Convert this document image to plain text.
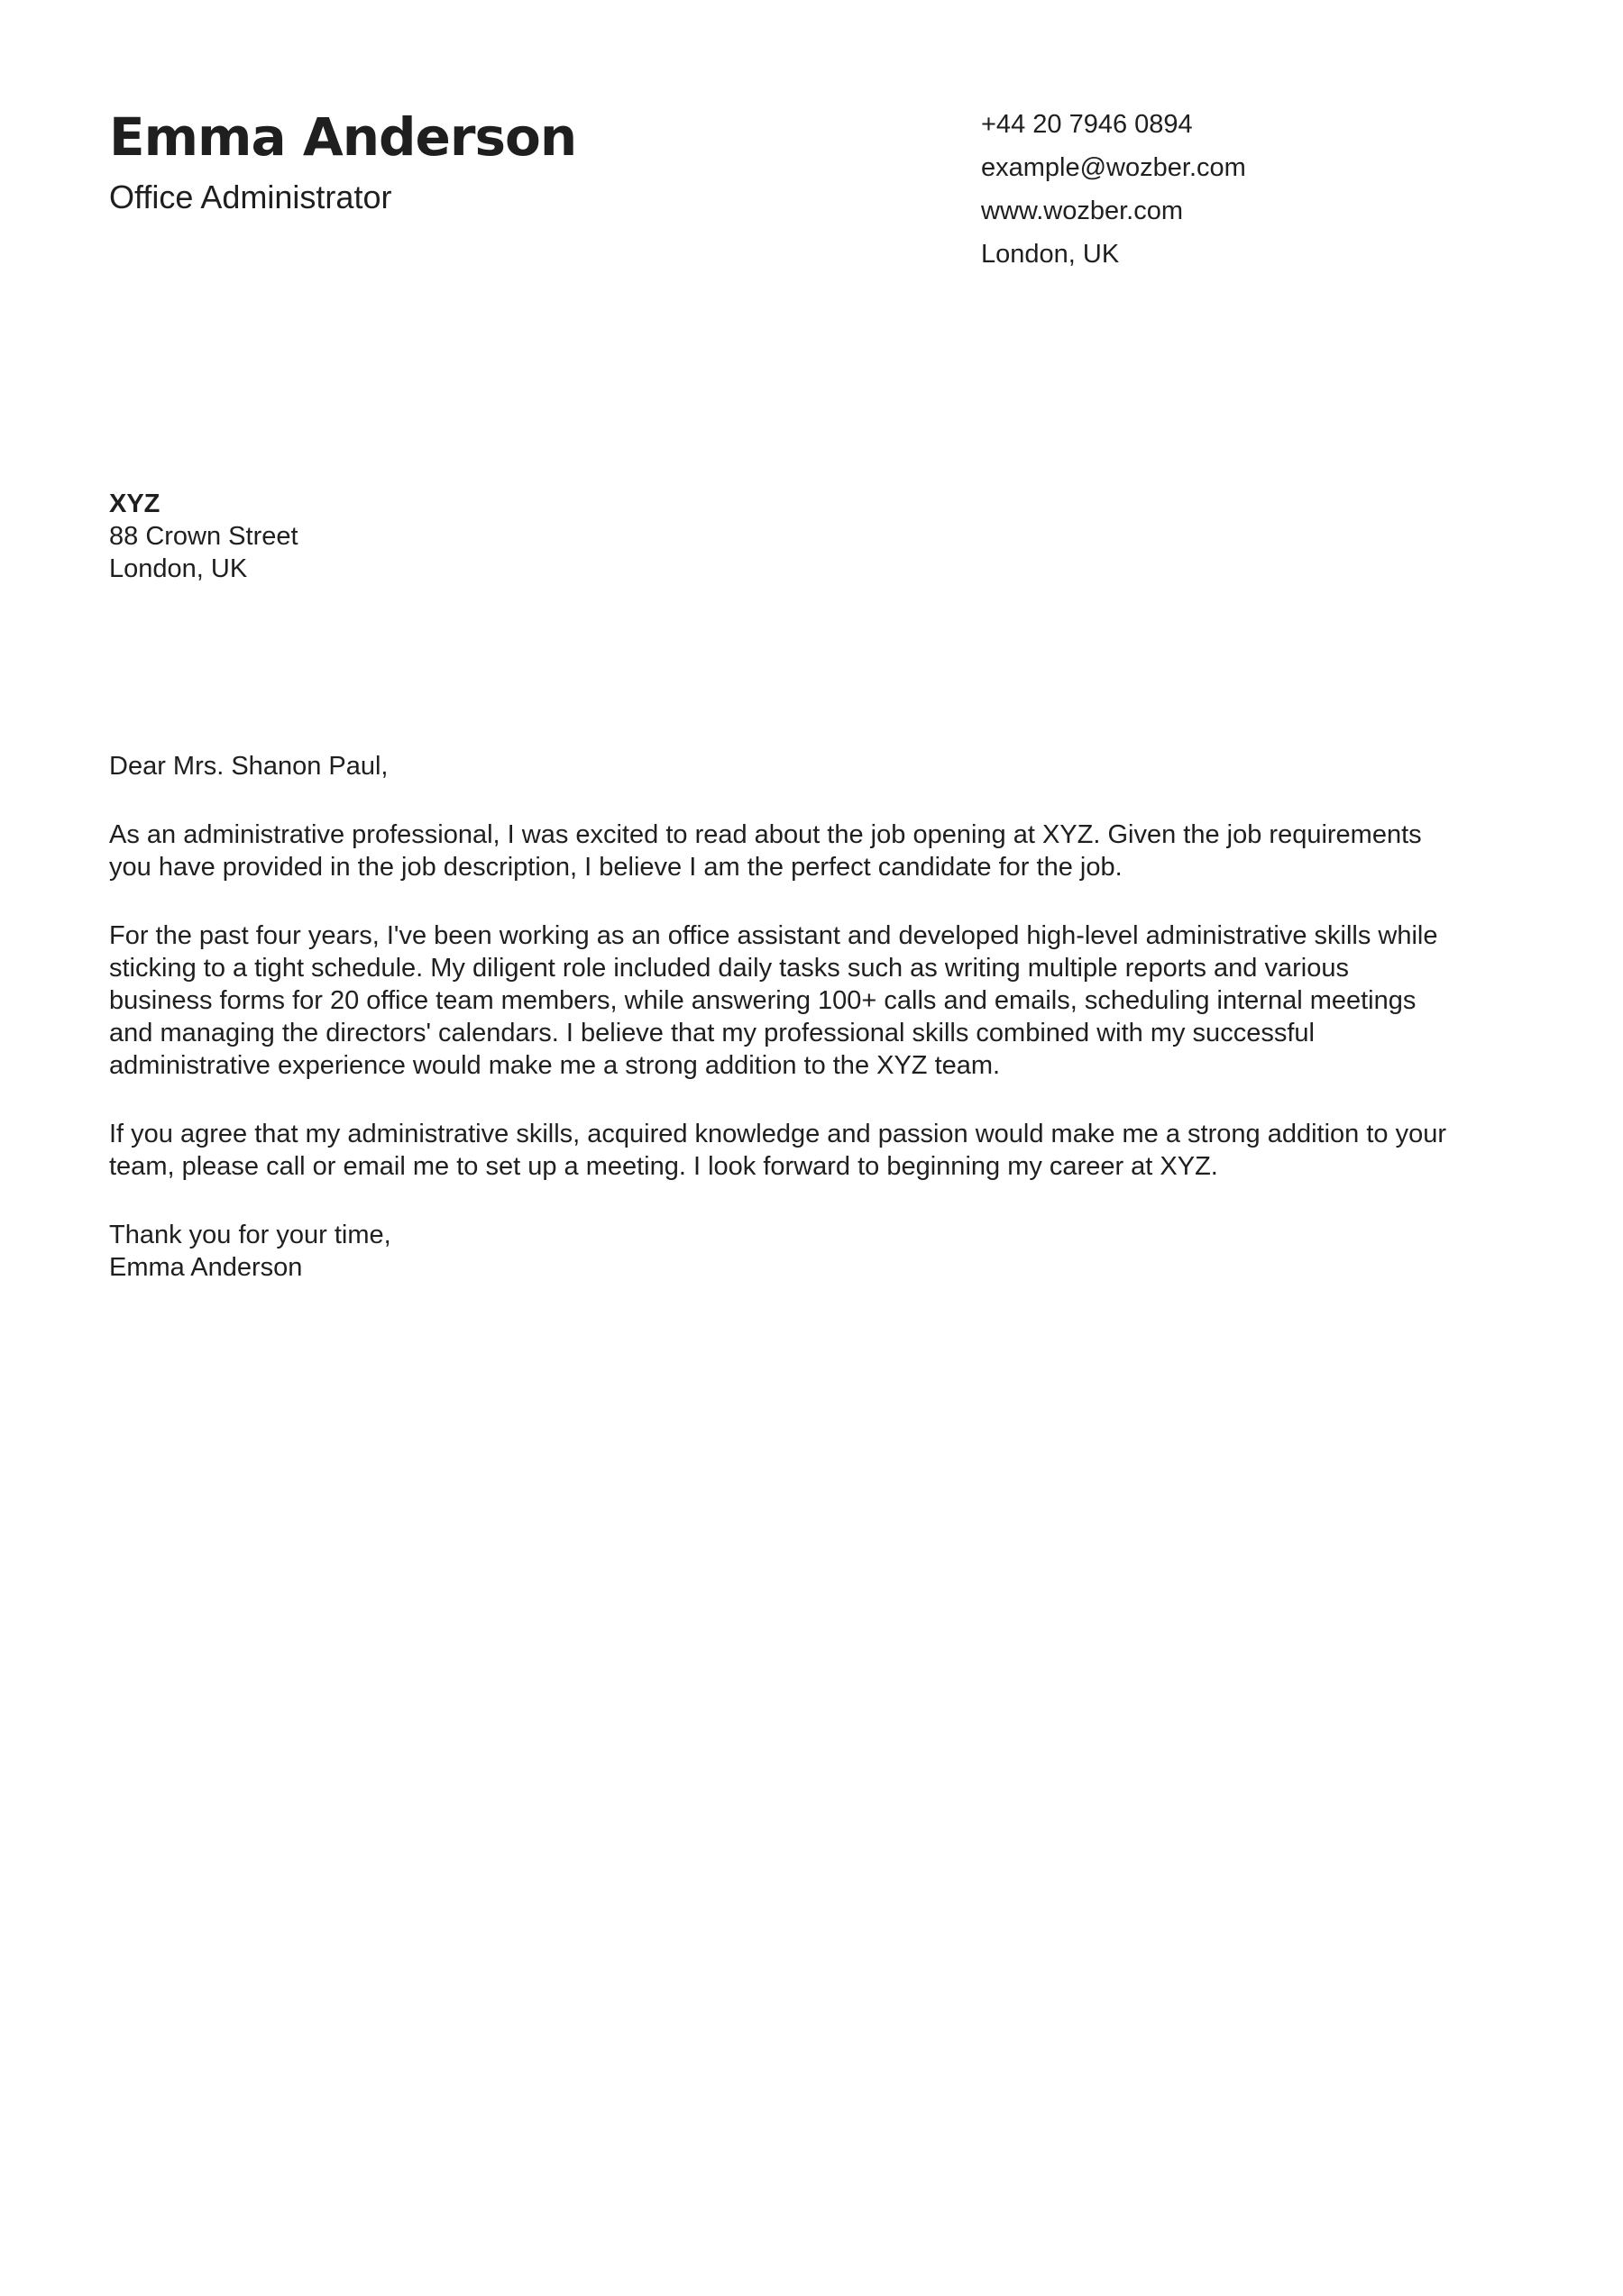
Emma Anderson
Office Administrator
+44 20 7946 0894
example@wozber.com
www.wozber.com
London, UK
XYZ
88 Crown Street
London, UK

Dear Mrs. Shanon Paul,

As an administrative professional, I was excited to read about the job opening at XYZ. Given the job requirements
you have provided in the job description, I believe I am the perfect candidate for the job.

For the past four years, I've been working as an office assistant and developed high-level administrative skills while
sticking to a tight schedule. My diligent role included daily tasks such as writing multiple reports and various
business forms for 20 office team members, while answering 100+ calls and emails, scheduling internal meetings
and managing the directors' calendars. I believe that my professional skills combined with my successful
administrative experience would make me a strong addition to the XYZ team.

If you agree that my administrative skills, acquired knowledge and passion would make me a strong addition to your
team, please call or email me to set up a meeting. I look forward to beginning my career at XYZ.

Thank you for your time,
Emma Anderson
